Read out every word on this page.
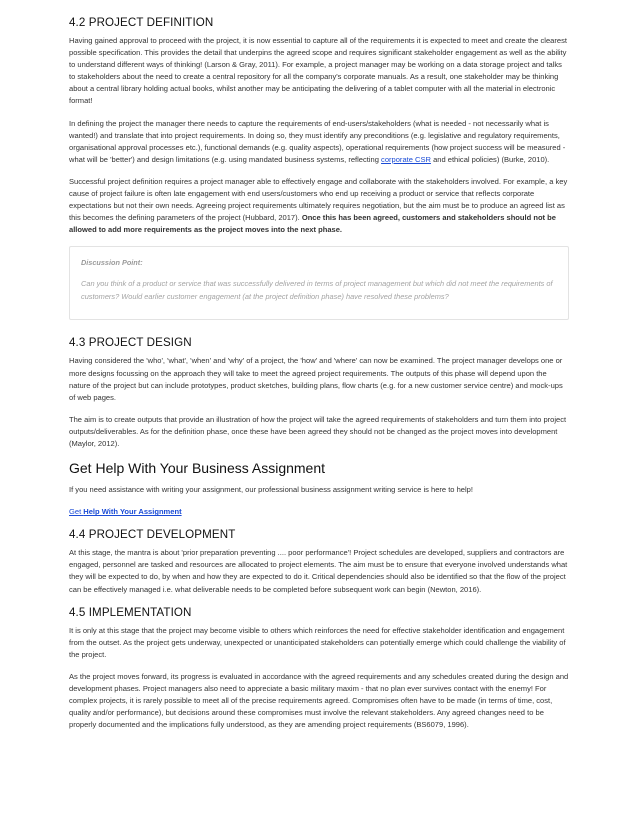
4.2 PROJECT DEFINITION

Having gained approval to proceed with the project, it is now essential to capture all of the requirements it is expected to meet and create the clearest possible specification. This provides the detail that underpins the agreed scope and requires significant stakeholder engagement as well as the ability to understand different ways of thinking! (Larson & Gray, 2011). For example, a project manager may be working on a data storage project and talks to stakeholders about the need to create a central repository for all the company's corporate manuals. As a result, one stakeholder may be thinking about a central library holding actual books, whilst another may be anticipating the delivering of a tablet computer with all the material in electronic format!

In defining the project the manager there needs to capture the requirements of end-users/stakeholders (what is needed - not necessarily what is wanted!) and translate that into project requirements. In doing so, they must identify any preconditions (e.g. legislative and regulatory requirements, organisational approval processes etc.), functional demands (e.g. quality aspects), operational requirements (how project success will be measured - what will be 'better') and design limitations (e.g. using mandated business systems, reflecting corporate CSR and ethical policies) (Burke, 2010).

Successful project definition requires a project manager able to effectively engage and collaborate with the stakeholders involved. For example, a key cause of project failure is often late engagement with end users/customers who end up receiving a product or service that reflects corporate expectations but not their own needs. Agreeing project requirements ultimately requires negotiation, but the aim must be to produce an agreed list as this becomes the defining parameters of the project (Hubbard, 2017). Once this has been agreed, customers and stakeholders should not be allowed to add more requirements as the project moves into the next phase.

Discussion Point:

Can you think of a product or service that was successfully delivered in terms of project management but which did not meet the requirements of customers? Would earlier customer engagement (at the project definition phase) have resolved these problems?

4.3 PROJECT DESIGN

Having considered the 'who', 'what', 'when' and 'why' of a project, the 'how' and 'where' can now be examined. The project manager develops one or more designs focussing on the approach they will take to meet the agreed project requirements. The outputs of this phase will depend upon the nature of the project but can include prototypes, product sketches, building plans, flow charts (e.g. for a new customer service centre) and mock-ups of web pages.

The aim is to create outputs that provide an illustration of how the project will take the agreed requirements of stakeholders and turn them into project outputs/deliverables. As for the definition phase, once these have been agreed they should not be changed as the project moves into development (Maylor, 2012).

Get Help With Your Business Assignment

If you need assistance with writing your assignment, our professional business assignment writing service is here to help!

Get Help With Your Assignment

4.4 PROJECT DEVELOPMENT

At this stage, the mantra is about 'prior preparation preventing .... poor performance'! Project schedules are developed, suppliers and contractors are engaged, personnel are tasked and resources are allocated to project elements. The aim must be to ensure that everyone involved understands what they will be expected to do, by when and how they are expected to do it. Critical dependencies should also be identified so that the flow of the project can be effectively managed i.e. what deliverable needs to be completed before subsequent work can begin (Newton, 2016).

4.5 IMPLEMENTATION

It is only at this stage that the project may become visible to others which reinforces the need for effective stakeholder identification and engagement from the outset. As the project gets underway, unexpected or unanticipated stakeholders can potentially emerge which could challenge the viability of the project.

As the project moves forward, its progress is evaluated in accordance with the agreed requirements and any schedules created during the design and development phases. Project managers also need to appreciate a basic military maxim - that no plan ever survives contact with the enemy! For complex projects, it is rarely possible to meet all of the precise requirements agreed. Compromises often have to be made (in terms of time, cost, quality and/or performance), but decisions around these compromises must involve the relevant stakeholders. Any agreed changes need to be properly documented and the implications fully understood, as they are amending project requirements (BS6079, 1996).
